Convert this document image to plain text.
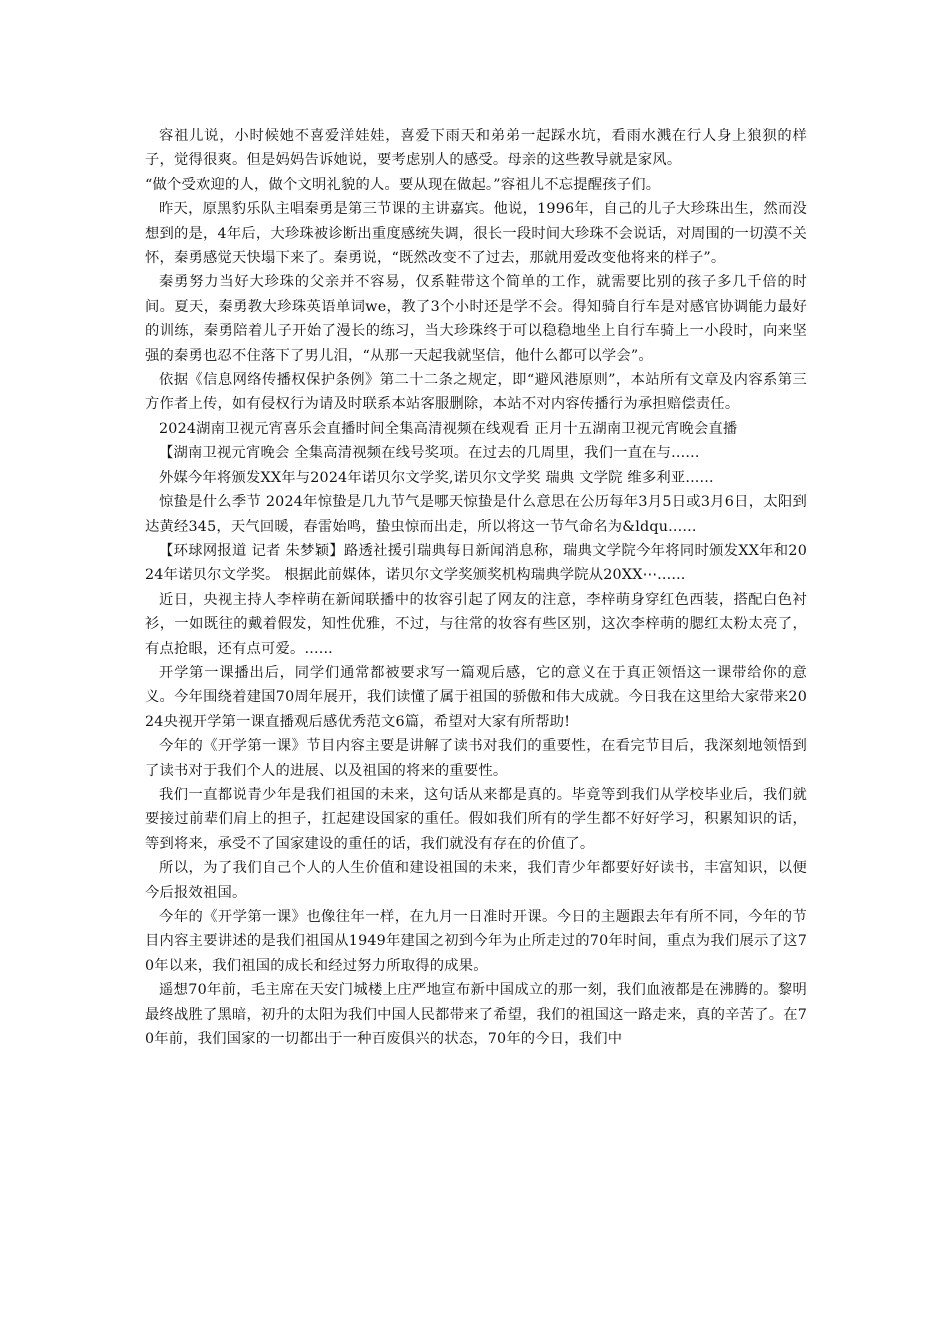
容祖儿说，小时候她不喜爱洋娃娃，喜爱下雨天和弟弟一起踩水坑，看雨水溅在行人身上狼狈的样子，觉得很爽。但是妈妈告诉她说，要考虑别人的感受。母亲的这些教导就是家风。

“做个受欢迎的人，做个文明礼貌的人。要从现在做起。”容祖儿不忘提醒孩子们。

昨天，原黑豹乐队主唱秦勇是第三节课的主讲嘉宾。他说，1996年，自己的儿子大珍珠出生，然而没想到的是，4年后，大珍珠被诊断出重度感统失调，很长一段时间大珍珠不会说话，对周围的一切漠不关怀，秦勇感觉天快塌下来了。秦勇说，“既然改变不了过去，那就用爱改变他将来的样子”。

秦勇努力当好大珍珠的父亲并不容易，仅系鞋带这个简单的工作，就需要比别的孩子多几千倍的时间。夏天，秦勇教大珍珠英语单词we，教了3个小时还是学不会。得知骑自行车是对感官协调能力最好的训练，秦勇陪着儿子开始了漫长的练习，当大珍珠终于可以稳稳地坐上自行车骑上一小段时，向来坚强的秦勇也忍不住落下了男儿泪，“从那一天起我就坚信，他什么都可以学会”。

依据《信息网络传播权保护条例》第二十二条之规定，即“避风港原则”，本站所有文章及内容系第三方作者上传，如有侵权行为请及时联系本站客服删除，本站不对内容传播行为承担赔偿责任。

2024湖南卫视元宵喜乐会直播时间全集高清视频在线观看 正月十五湖南卫视元宵晚会直播

【湖南卫视元宵晚会 全集高清视频在线号奖项。在过去的几周里，我们一直在与......

外媒今年将颁发XX年与2024年诺贝尔文学奖,诺贝尔文学奖 瑞典 文学院 维多利亚......

惊蛰是什么季节 2024年惊蛰是几九节气是哪天惊蛰是什么意思在公历每年3月5日或3月6日，太阳到达黄经345，天气回暖，春雷始鸣，蛰虫惊而出走，所以将这一节气命名为&ldqu......

【环球网报道 记者 朱梦颖】路透社援引瑞典每日新闻消息称，瑞典文学院今年将同时颁发XX年和2024年诺贝尔文学奖。 根据此前媒体，诺贝尔文学奖颁奖机构瑞典学院从20XX⋯......

近日，央视主持人李梓萌在新闻联播中的妆容引起了网友的注意，李梓萌身穿红色西装，搭配白色衬衫，一如既往的戴着假发，知性优雅，不过，与往常的妆容有些区别，这次李梓萌的腮红太粉太亮了，有点抢眼，还有点可爱。......

开学第一课播出后，同学们通常都被要求写一篇观后感，它的意义在于真正领悟这一课带给你的意义。今年围绕着建国70周年展开，我们读懂了属于祖国的骄傲和伟大成就。今日我在这里给大家带来2024央视开学第一课直播观后感优秀范文6篇，希望对大家有所帮助!

今年的《开学第一课》节目内容主要是讲解了读书对我们的重要性，在看完节目后，我深刻地领悟到了读书对于我们个人的进展、以及祖国的将来的重要性。

我们一直都说青少年是我们祖国的未来，这句话从来都是真的。毕竟等到我们从学校毕业后，我们就要接过前辈们肩上的担子，扛起建设国家的重任。假如我们所有的学生都不好好学习，积累知识的话，等到将来，承受不了国家建设的重任的话，我们就没有存在的价值了。

所以，为了我们自己个人的人生价值和建设祖国的未来，我们青少年都要好好读书，丰富知识，以便今后报效祖国。

今年的《开学第一课》也像往年一样，在九月一日准时开课。今日的主题跟去年有所不同，今年的节目内容主要讲述的是我们祖国从1949年建国之初到今年为止所走过的70年时间，重点为我们展示了这70年以来，我们祖国的成长和经过努力所取得的成果。

遥想70年前，毛主席在天安门城楼上庄严地宣布新中国成立的那一刻，我们血液都是在沸腾的。黎明最终战胜了黑暗，初升的太阳为我们中国人民都带来了希望，我们的祖国这一路走来，真的辛苦了。在70年前，我们国家的一切都出于一种百废俱兴的状态，70年的今日，我们中
